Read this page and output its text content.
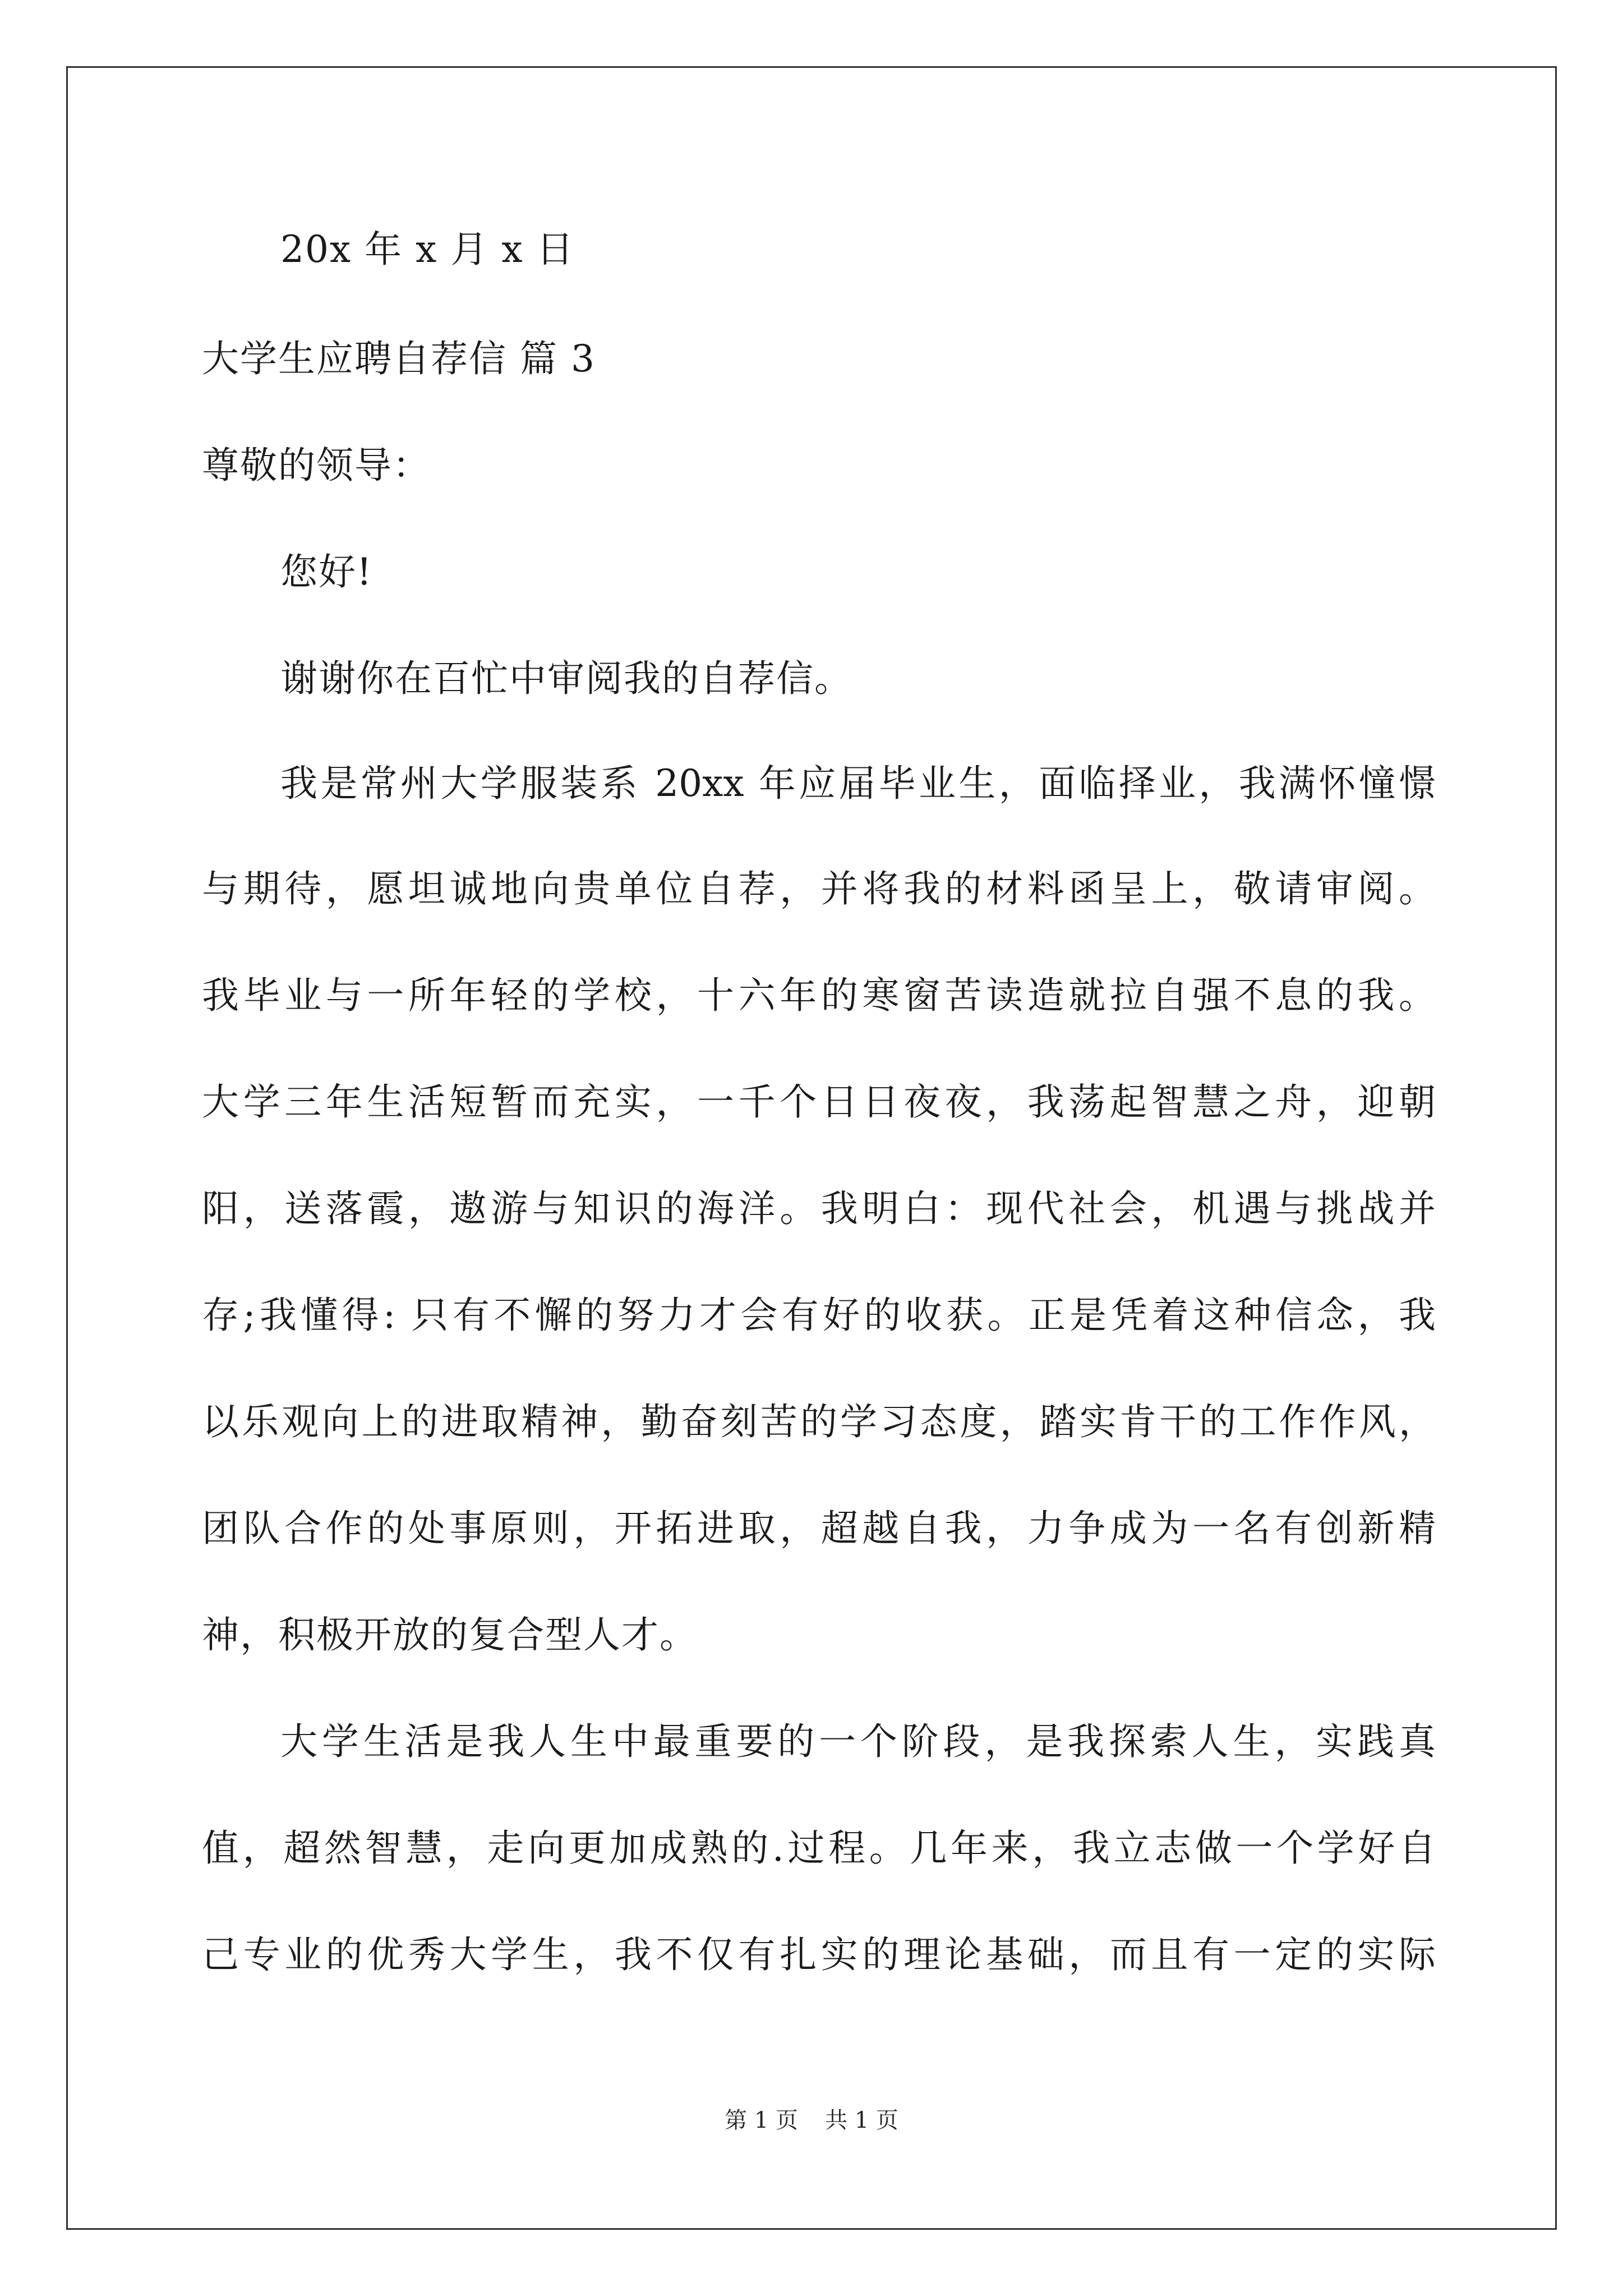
20x 年 x 月 x 日
大学生应聘自荐信 篇 3
尊敬的领导：
您好!
谢谢你在百忙中审阅我的自荐信。
我是常州大学服装系 20xx 年应届毕业生，面临择业，我满怀憧憬
与期待，愿坦诚地向贵单位自荐，并将我的材料函呈上，敬请审阅。
我毕业与一所年轻的学校，十六年的寒窗苦读造就拉自强不息的我。
大学三年生活短暂而充实，一千个日日夜夜，我荡起智慧之舟，迎朝
阳，送落霞，遨游与知识的海洋。我明白：现代社会，机遇与挑战并
存;我懂得: 只有不懈的努力才会有好的收获。正是凭着这种信念，我
以乐观向上的进取精神，勤奋刻苦的学习态度，踏实肯干的工作作风，
团队合作的处事原则，开拓进取，超越自我，力争成为一名有创新精
神，积极开放的复合型人才。
大学生活是我人生中最重要的一个阶段，是我探索人生，实践真
值，超然智慧，走向更加成熟的.过程。几年来，我立志做一个学好自
己专业的优秀大学生，我不仅有扎实的理论基础，而且有一定的实际
第 1 页 共 1 页
